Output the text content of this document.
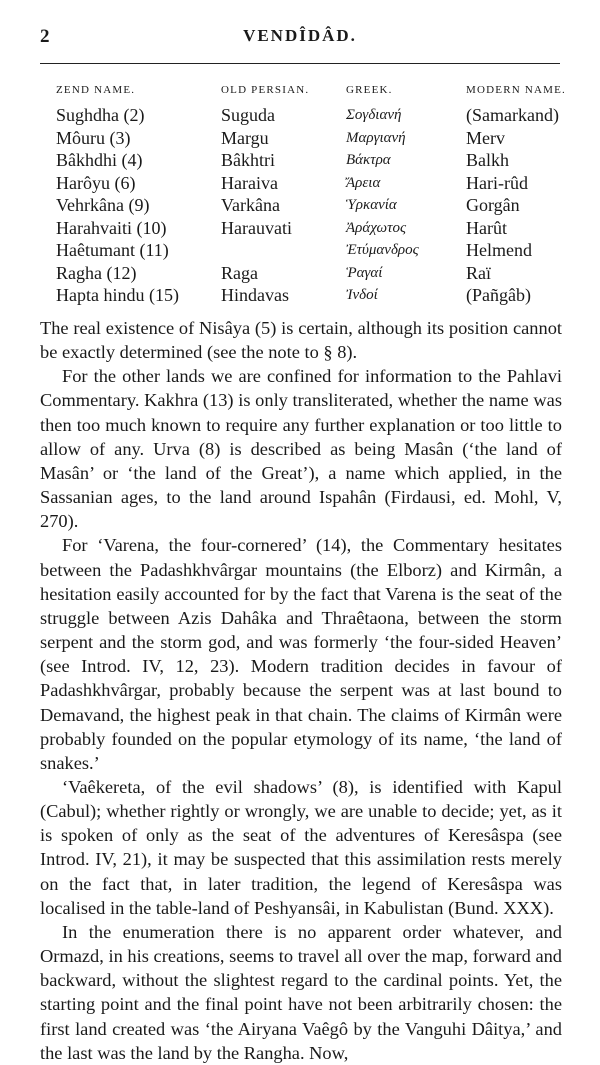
2	VENDÎDÂD.
ZEND NAME.	OLD PERSIAN.	GREEK.	MODERN NAME.
Sughdha (2)	Suguda	Σογδιανή	(Samarkand)
Môuru (3)	Margu	Μαργιανή	Merv
Bâkhdhi (4)	Bâkhtri	Βάκτρα	Balkh
Harôyu (6)	Haraiva	Ἄρεια	Hari-rûd
Vehrkâna (9)	Varkâna	Ὑρκανία	Gorgân
Harahvaiti (10)	Harauvati	Ἀράχωτος	Harût
Haêtumant (11)		Ἐτύμανδρος	Helmend
Ragha (12)	Raga	Ῥαγαί	Raï
Hapta hindu (15)	Hindavas	Ἰνδοί	(Pañgâb)

The real existence of Nisâya (5) is certain, although its position cannot be exactly determined (see the note to § 8).

For the other lands we are confined for information to the Pahlavi Commentary. Kakhra (13) is only transliterated, whether the name was then too much known to require any further explanation or too little to allow of any. Urva (8) is described as being Masân (‘the land of Masân’ or ‘the land of the Great’), a name which applied, in the Sassanian ages, to the land around Ispahân (Firdausi, ed. Mohl, V, 270).

For ‘Varena, the four-cornered’ (14), the Commentary hesitates between the Padashkhvârgar mountains (the Elborz) and Kirmân, a hesitation easily accounted for by the fact that Varena is the seat of the struggle between Azis Dahâka and Thraêtaona, between the storm serpent and the storm god, and was formerly ‘the four-sided Heaven’ (see Introd. IV, 12, 23). Modern tradition decides in favour of Padashkhvârgar, probably because the serpent was at last bound to Demavand, the highest peak in that chain. The claims of Kirmân were probably founded on the popular etymology of its name, ‘the land of snakes.’

‘Vaêkereta, of the evil shadows’ (8), is identified with Kapul (Cabul); whether rightly or wrongly, we are unable to decide; yet, as it is spoken of only as the seat of the adventures of Keresâspa (see Introd. IV, 21), it may be suspected that this assimilation rests merely on the fact that, in later tradition, the legend of Keresâspa was localised in the table-land of Peshyansâi, in Kabulistan (Bund. XXX).

In the enumeration there is no apparent order whatever, and Ormazd, in his creations, seems to travel all over the map, forward and backward, without the slightest regard to the cardinal points. Yet, the starting point and the final point have not been arbitrarily chosen: the first land created was ‘the Airyana Vaêgô by the Vanguhi Dâitya,’ and the last was the land by the Rangha. Now,
